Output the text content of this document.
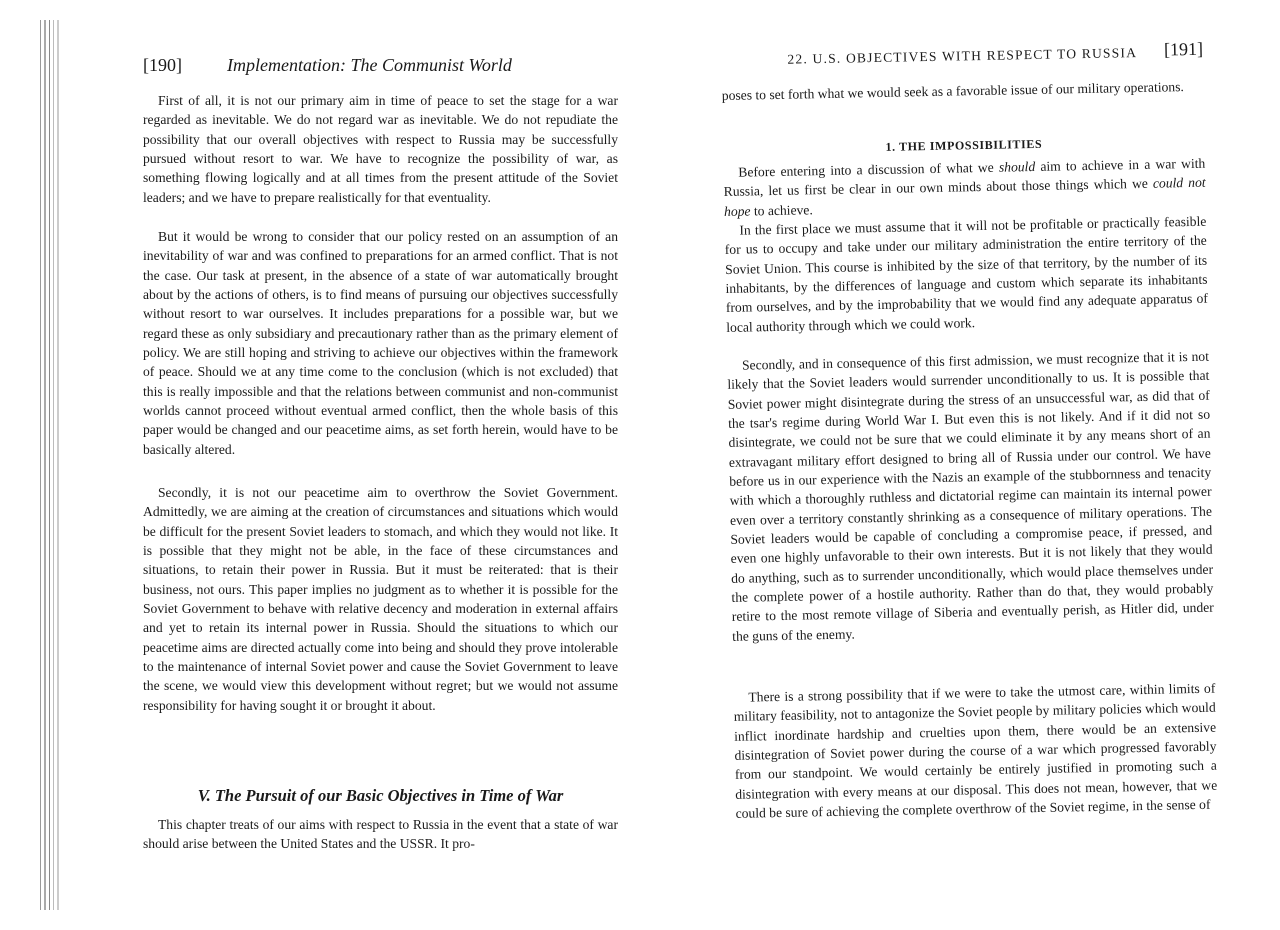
[190]	Implementation: The Communist World

First of all, it is not our primary aim in time of peace to set the stage for a war regarded as inevitable. We do not regard war as inevitable. We do not repudiate the possibility that our overall objectives with respect to Russia may be successfully pursued without resort to war. We have to recognize the possibility of war, as something flowing logically and at all times from the present attitude of the Soviet leaders; and we have to prepare realistically for that eventuality.

But it would be wrong to consider that our policy rested on an assumption of an inevitability of war and was confined to preparations for an armed conflict. That is not the case. Our task at present, in the absence of a state of war automatically brought about by the actions of others, is to find means of pursuing our objectives successfully without resort to war ourselves. It includes preparations for a possible war, but we regard these as only subsidiary and precautionary rather than as the primary element of policy. We are still hoping and striving to achieve our objectives within the framework of peace. Should we at any time come to the conclusion (which is not excluded) that this is really impossible and that the relations between communist and non-communist worlds cannot proceed without eventual armed conflict, then the whole basis of this paper would be changed and our peacetime aims, as set forth herein, would have to be basically altered.

Secondly, it is not our peacetime aim to overthrow the Soviet Government. Admittedly, we are aiming at the creation of circumstances and situations which would be difficult for the present Soviet leaders to stomach, and which they would not like. It is possible that they might not be able, in the face of these circumstances and situations, to retain their power in Russia. But it must be reiterated: that is their business, not ours. This paper implies no judgment as to whether it is possible for the Soviet Government to behave with relative decency and moderation in external affairs and yet to retain its internal power in Russia. Should the situations to which our peacetime aims are directed actually come into being and should they prove intolerable to the maintenance of internal Soviet power and cause the Soviet Government to leave the scene, we would view this development without regret; but we would not assume responsibility for having sought it or brought it about.

V. The Pursuit of our Basic Objectives in Time of War

This chapter treats of our aims with respect to Russia in the event that a state of war should arise between the United States and the USSR. It pro-

22. U.S. OBJECTIVES WITH RESPECT TO RUSSIA [191]

poses to set forth what we would seek as a favorable issue of our military operations.

1. THE IMPOSSIBILITIES

Before entering into a discussion of what we should aim to achieve in a war with Russia, let us first be clear in our own minds about those things which we could not hope to achieve.

In the first place we must assume that it will not be profitable or practically feasible for us to occupy and take under our military administration the entire territory of the Soviet Union. This course is inhibited by the size of that territory, by the number of its inhabitants, by the differences of language and custom which separate its inhabitants from ourselves, and by the improbability that we would find any adequate apparatus of local authority through which we could work.

Secondly, and in consequence of this first admission, we must recognize that it is not likely that the Soviet leaders would surrender unconditionally to us. It is possible that Soviet power might disintegrate during the stress of an unsuccessful war, as did that of the tsar's regime during World War I. But even this is not likely. And if it did not so disintegrate, we could not be sure that we could eliminate it by any means short of an extravagant military effort designed to bring all of Russia under our control. We have before us in our experience with the Nazis an example of the stubbornness and tenacity with which a thoroughly ruthless and dictatorial regime can maintain its internal power even over a territory constantly shrinking as a consequence of military operations. The Soviet leaders would be capable of concluding a compromise peace, if pressed, and even one highly unfavorable to their own interests. But it is not likely that they would do anything, such as to surrender unconditionally, which would place themselves under the complete power of a hostile authority. Rather than do that, they would probably retire to the most remote village of Siberia and eventually perish, as Hitler did, under the guns of the enemy.

There is a strong possibility that if we were to take the utmost care, within limits of military feasibility, not to antagonize the Soviet people by military policies which would inflict inordinate hardship and cruelties upon them, there would be an extensive disintegration of Soviet power during the course of a war which progressed favorably from our standpoint. We would certainly be entirely justified in promoting such a disintegration with every means at our disposal. This does not mean, however, that we could be sure of achieving the complete overthrow of the Soviet regime, in the sense of
